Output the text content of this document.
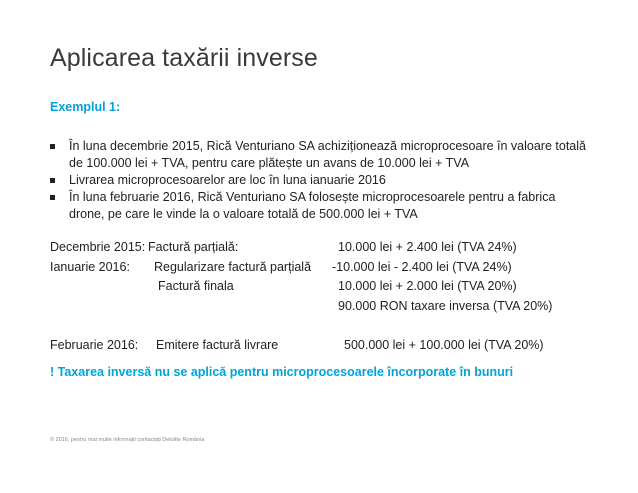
Aplicarea taxării inverse
Exemplul 1:
În luna decembrie 2015, Rică Venturiano SA achiziționează microprocesoare în valoare totală de 100.000 lei + TVA, pentru care plătește un avans de 10.000 lei + TVA
Livrarea microprocesoarelor are loc în luna ianuarie 2016
În luna februarie 2016, Rică Venturiano SA folosește microprocesoarele pentru a fabrica drone, pe care le vinde la o valoare totală de 500.000 lei + TVA
Decembrie 2015: Factură parțială:	10.000 lei + 2.400 lei (TVA 24%)
Ianuarie 2016: Regularizare factură parțială -10.000 lei - 2.400 lei (TVA 24%)
Factură finala	10.000 lei + 2.000 lei (TVA 20%)
90.000 RON taxare inversa (TVA 20%)
Februarie 2016: Emitere factură livrare	500.000 lei + 100.000 lei (TVA 20%)
! Taxarea inversă nu se aplică pentru microprocesoarele încorporate în bunuri
© 2016, pentru mai multe informații contactați Deloitte România
